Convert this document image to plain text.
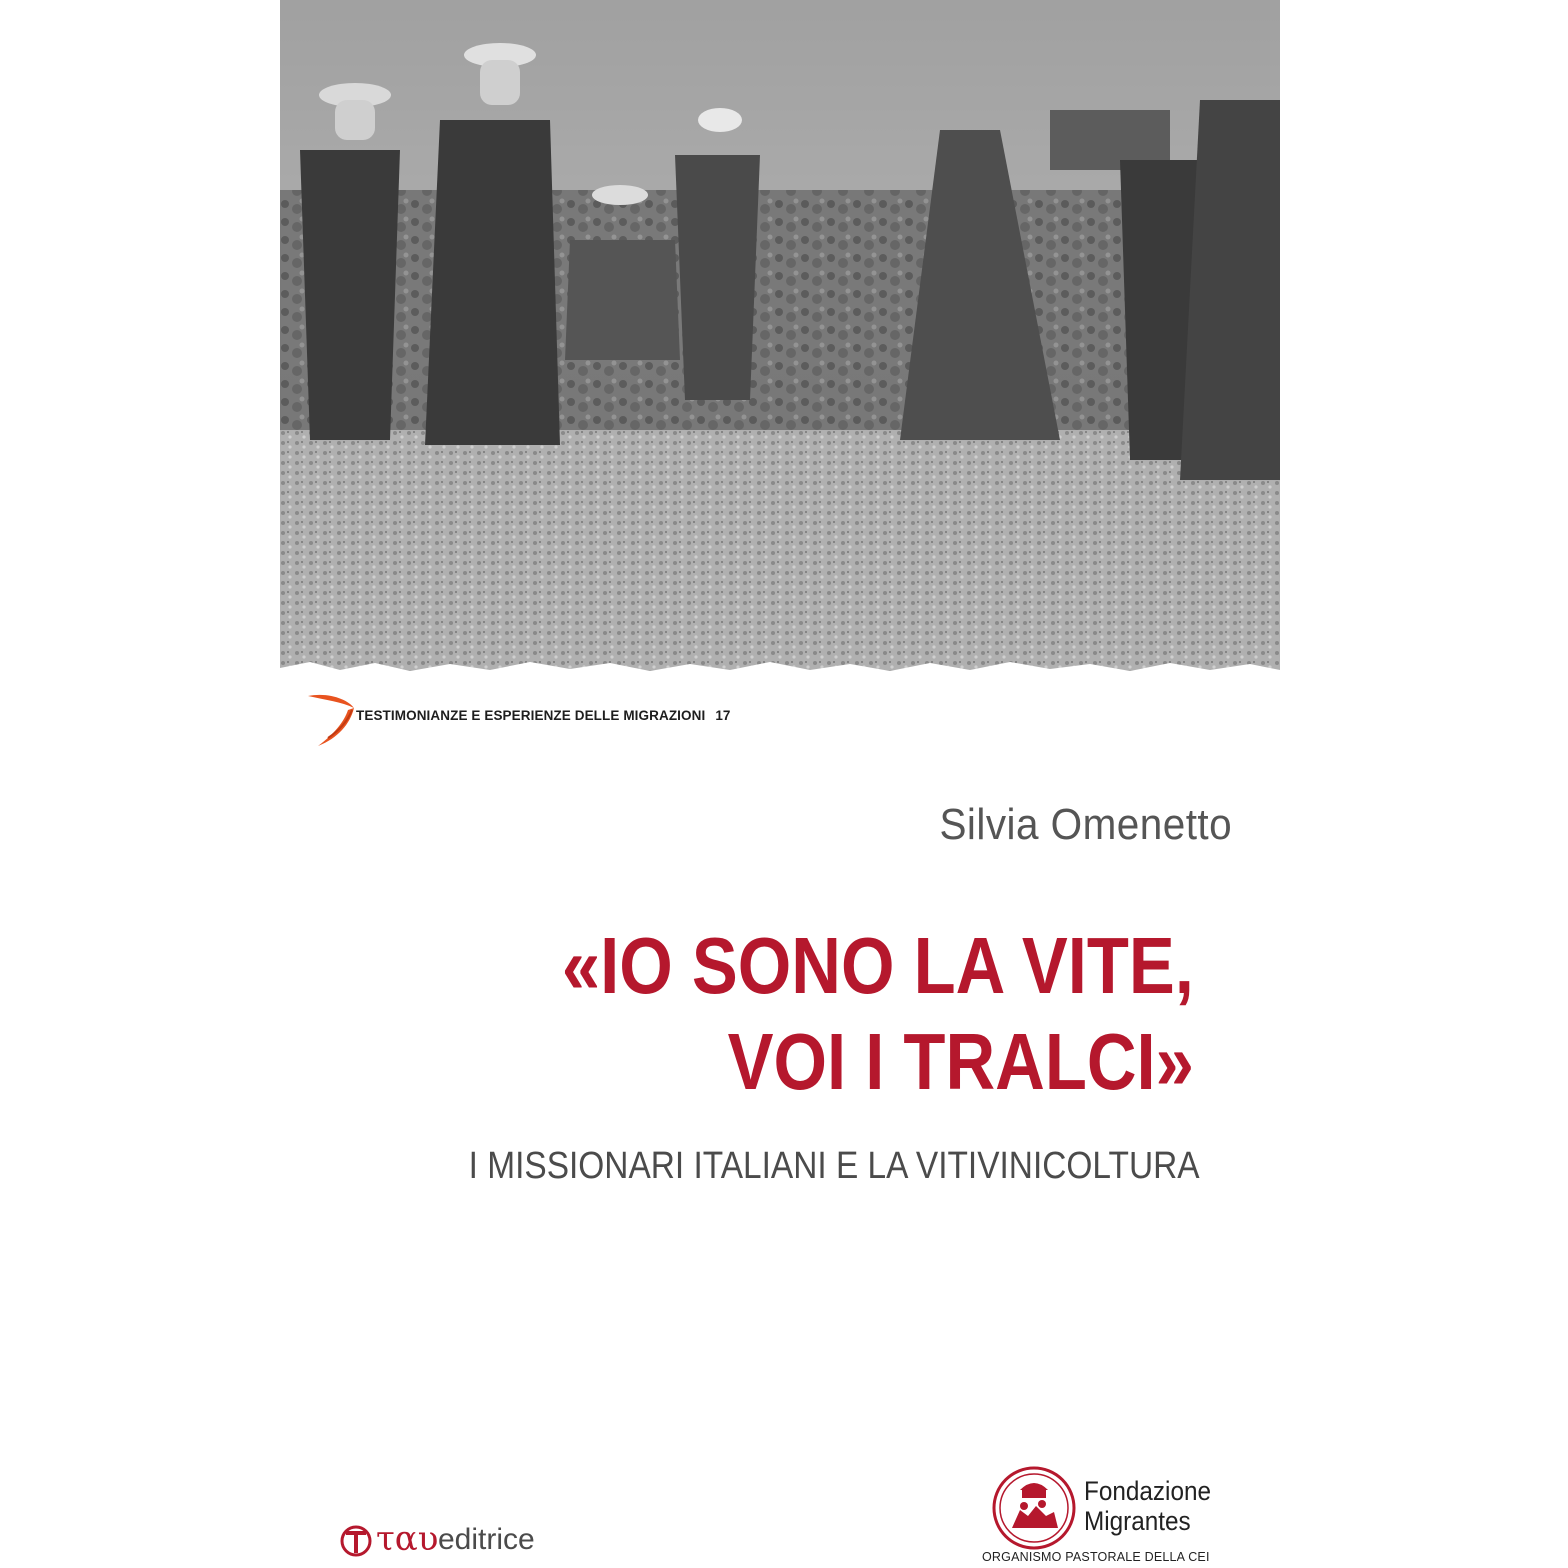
TESTIMONIANZE E ESPERIENZE DELLE MIGRAZIONI 17
Silvia Omenetto
«IO SONO LA VITE,
VOI I TRALCI»
I MISSIONARI ITALIANI E LA VITIVINICOLTURA
ταυ editrice
Fondazione
Migrantes
ORGANISMO PASTORALE DELLA CEI
